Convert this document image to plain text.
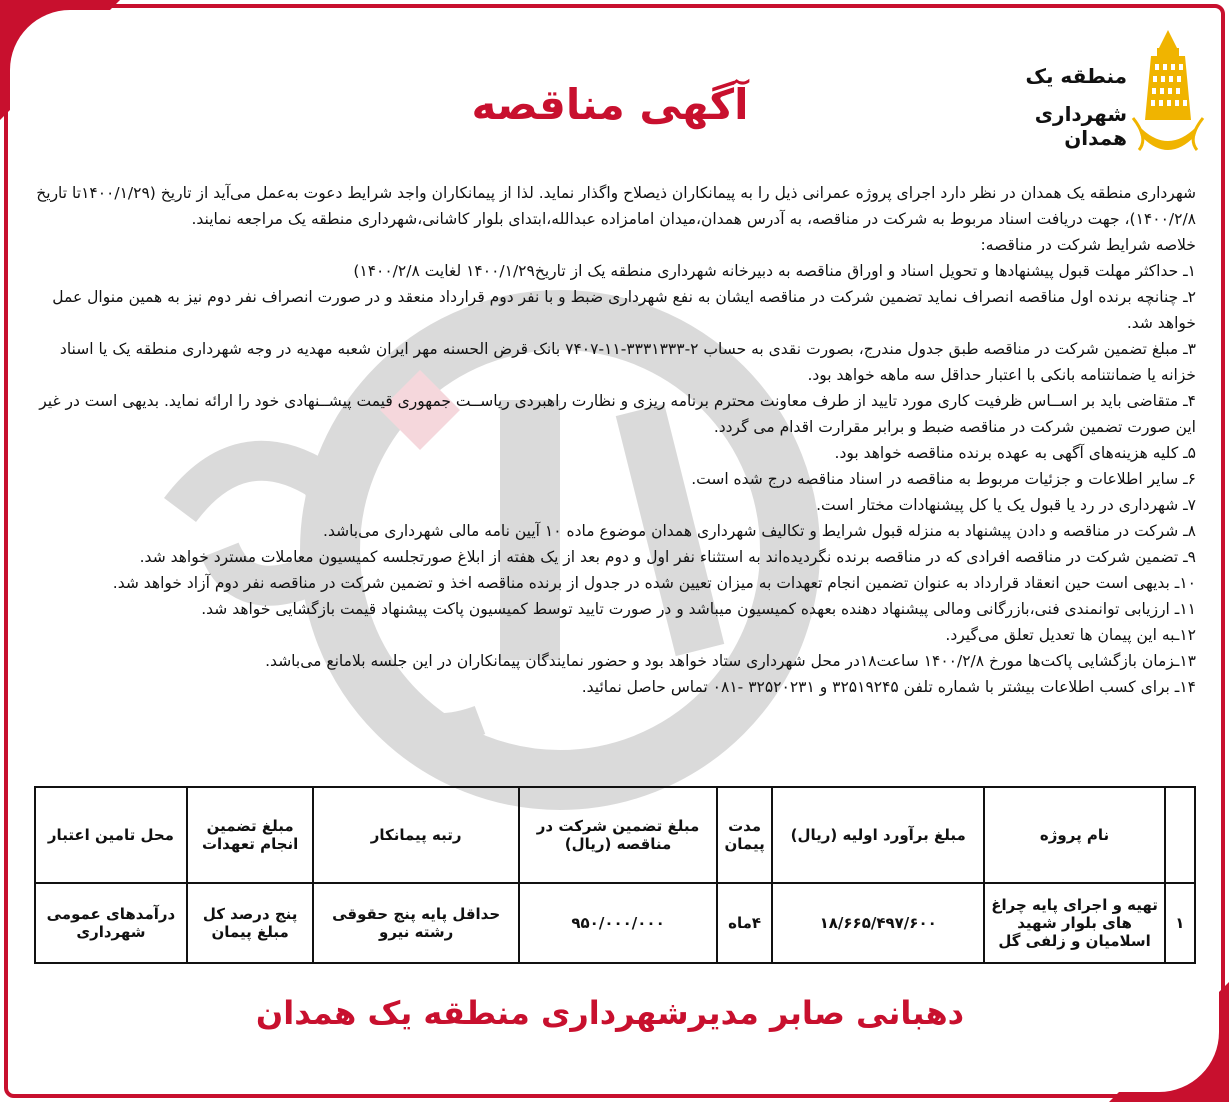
منطقه یک
شهرداری همدان
آگهی مناقصه

شهرداری منطقه یک همدان در نظر دارد اجرای پروژه عمرانی ذیل را به پیمانکاران ذیصلاح واگذار نماید. لذا از پیمانکاران واجد شرایط دعوت به‌عمل می‌آید از تاریخ (۱۴۰۰/۱/۲۹تا تاریخ ۱۴۰۰/۲/۸)، جهت دریافت اسناد مربوط به شرکت در مناقصه، به آدرس همدان،میدان امامزاده عبدالله،ابتدای بلوار کاشانی،شهرداری منطقه یک مراجعه نمایند.

خلاصه شرایط شرکت در مناقصه:

۱ـ حداکثر مهلت قبول پیشنهادها و تحویل اسناد و اوراق مناقصه به دبیرخانه شهرداری منطقه یک از تاریخ۱۴۰۰/۱/۲۹ لغایت ۱۴۰۰/۲/۸)

۲ـ چنانچه برنده اول مناقصه انصراف نماید تضمین شرکت در مناقصه ایشان به نفع شهرداری ضبط و با نفر دوم قرارداد منعقد و در صورت انصراف نفر دوم نیز به همین منوال عمل خواهد شد.

۳ـ مبلغ تضمین شرکت در مناقصه طبق جدول مندرج، بصورت نقدی به حساب ۲-۳۳۳۱۳۳۳-۱۱-۷۴۰۷ بانک قرض الحسنه مهر ایران شعبه مهدیه در وجه شهرداری منطقه یک یا اسناد خزانه یا ضمانتنامه بانکی با اعتبار حداقل سه ماهه خواهد بود.

۴ـ متقاضی باید بر اســاس ظرفیت کاری مورد تایید از طرف معاونت محترم برنامه ریزی و نظارت راهبردی ریاســت جمهوری قیمت پیشــنهادی خود را ارائه نماید. بدیهی است در غیر این صورت تضمین شرکت در مناقصه ضبط و برابر مقرارت اقدام می گردد.

۵ـ کلیه هزینه‌های آگهی به عهده برنده مناقصه خواهد بود.

۶ـ سایر اطلاعات و جزئیات مربوط به مناقصه در اسناد مناقصه درج شده است.

۷ـ شهرداری در رد یا قبول یک یا کل پیشنهادات مختار است.

۸ـ شرکت در مناقصه و دادن پیشنهاد به منزله قبول شرایط و تکالیف شهرداری همدان موضوع ماده ۱۰ آیین نامه مالی شهرداری می‌باشد.

۹ـ تضمین شرکت در مناقصه افرادی که در مناقصه برنده نگردیده‌اند به استثناء نفر اول و دوم بعد از یک هفته از ابلاغ صورتجلسه کمیسیون معاملات مسترد خواهد شد.

۱۰ـ بدیهی است حین انعقاد قرارداد به عنوان تضمین انجام تعهدات به میزان تعیین شده در جدول از برنده مناقصه اخذ و تضمین شرکت در مناقصه نفر دوم آزاد خواهد شد.

۱۱ـ ارزیابی توانمندی فنی،بازرگانی ومالی پیشنهاد دهنده بعهده کمیسیون میباشد و در صورت تایید توسط کمیسیون پاکت پیشنهاد قیمت بازگشایی خواهد شد.

۱۲ـبه این پیمان ها تعدیل تعلق می‌گیرد.

۱۳ـزمان بازگشایی پاکت‌ها مورخ ۱۴۰۰/۲/۸ ساعت۱۸در محل شهرداری ستاد خواهد بود و حضور نمایندگان پیمانکاران در این جلسه بلامانع می‌باشد.

۱۴ـ برای کسب اطلاعات بیشتر با شماره تلفن ۳۲۵۱۹۲۴۵ و ۳۲۵۲۰۲۳۱ -۰۸۱ تماس حاصل نمائید.

	نام پروژه	مبلغ برآورد اولیه (ریال)	مدت پیمان	مبلغ تضمین شرکت در مناقصه (ریال)	رتبه پیمانکار	مبلغ تضمین انجام تعهدات	محل تامین اعتبار
۱	تهیه و اجرای پایه چراغ های بلوار شهید اسلامیان و زلفی گل	۱۸/۶۶۵/۴۹۷/۶۰۰	۴ماه	۹۵۰/۰۰۰/۰۰۰	حداقل پایه پنج حقوقی رشته نیرو	پنج درصد کل مبلغ پیمان	درآمدهای عمومی شهرداری
دهبانی صابر مدیرشهرداری منطقه یک همدان
